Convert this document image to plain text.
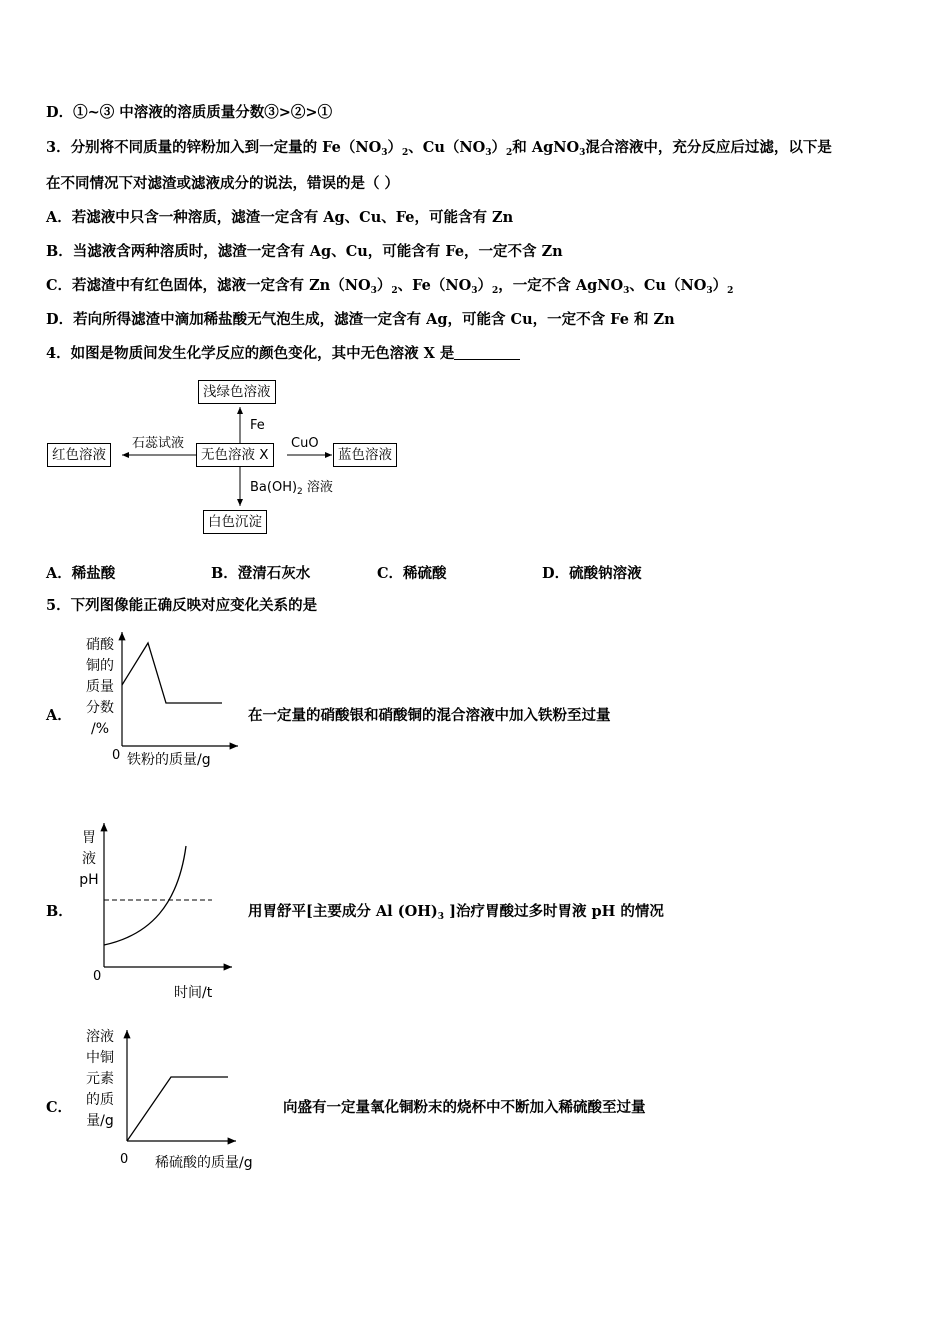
D．①~③ 中溶液的溶质质量分数③>②>①
3．分别将不同质量的锌粉加入到一定量的 $Fe(NO_3)_2$、$Cu(NO_3)_2$和 AgNO$_3$混合溶液中，充分反应后过滤，以下是
在不同情况下对滤渣或滤液成分的说法，错误的是（ ）
A．若滤液中只含一种溶质，滤渣一定含有 Ag、Cu、Fe，可能含有 Zn
B．当滤液含两种溶质时，滤渣一定含有 Ag、Cu，可能含有 Fe，一定不含 Zn
C．若滤渣中有红色固体，滤液一定含有 $Zn(NO_3)_2$、$Fe(NO_3)_2$，一定不含 AgNO$_3$、$Cu(NO_3)_2$
D．若向所得滤渣中滴加稀盐酸无气泡生成，滤渣一定含有 Ag，可能含 Cu，一定不含 Fe 和 Zn
4．如图是物质间发生化学反应的颜色变化，其中无色溶液 X 是
浅绿色溶液
无色溶液 X
红色溶液	蓝色溶液
白色沉淀
Fe
石蕊试液	CuO
$Ba(OH)_2$ 溶液
A．稀盐酸	B．澄清石灰水	C．稀硫酸	D．硫酸钠溶液
5．下列图像能正确反映对应变化关系的是
A．
硝酸
铜的
质量
分数
/%
0 铁粉的质量/g
在一定量的硝酸银和硝酸铜的混合溶液中加入铁粉至过量
B．
胃
液
pH
0
时间/t
用胃舒平[主要成分 Al $(OH)_3$ ]治疗胃酸过多时胃液 pH 的情况
C．
溶液
中铜
元素
的质
量/g
0 稀硫酸的质量/g
向盛有一定量氧化铜粉末的烧杯中不断加入稀硫酸至过量
